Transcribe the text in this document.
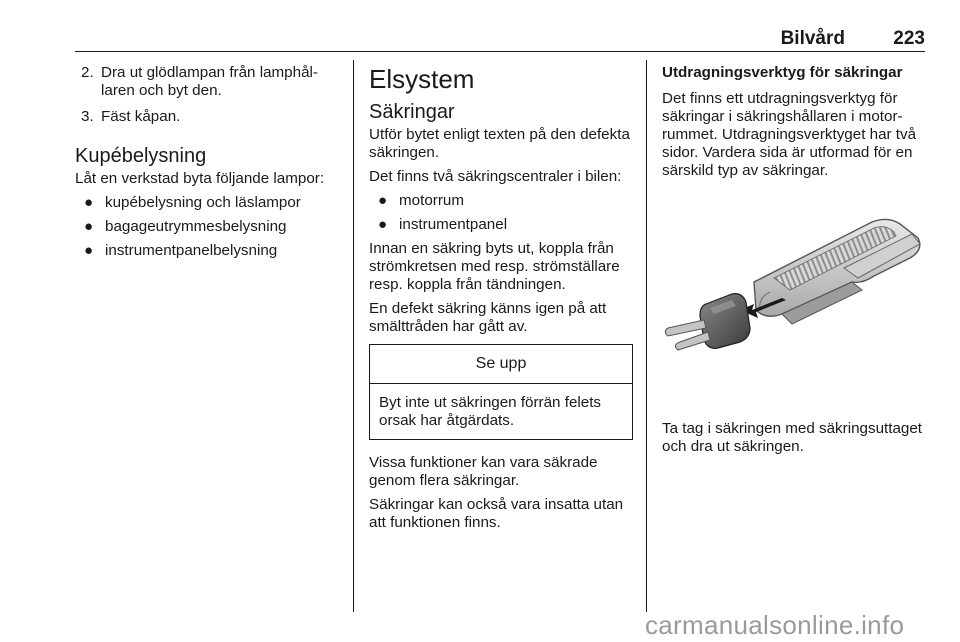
Bilvård	223
2. Dra ut glödlampan från lamphållaren och byt den.
3. Fäst kåpan.
Kupébelysning

Låt en verkstad byta följande lampor:

● kupébelysning och läslampor
● bagageutrymmesbelysning
● instrumentpanelbelysning
Elsystem
Säkringar

Utför bytet enligt texten på den defekta säkringen.

Det finns två säkringscentraler i bilen:

● motorrum
● instrumentpanel

Innan en säkring byts ut, koppla från strömkretsen med resp. strömställare resp. koppla från tändningen.

En defekt säkring känns igen på att smälttråden har gått av.

Se upp
Byt inte ut säkringen förrän felets orsak har åtgärdats.

Vissa funktioner kan vara säkrade genom flera säkringar.

Säkringar kan också vara insatta utan att funktionen finns.

Utdragningsverktyg för säkringar

Det finns ett utdragningsverktyg för säkringar i säkringshållaren i motorrummet. Utdragningsverktyget har två sidor. Vardera sida är utformad för en särskild typ av säkringar.

Ta tag i säkringen med säkringsuttaget och dra ut säkringen.

carmanualsonline.info
